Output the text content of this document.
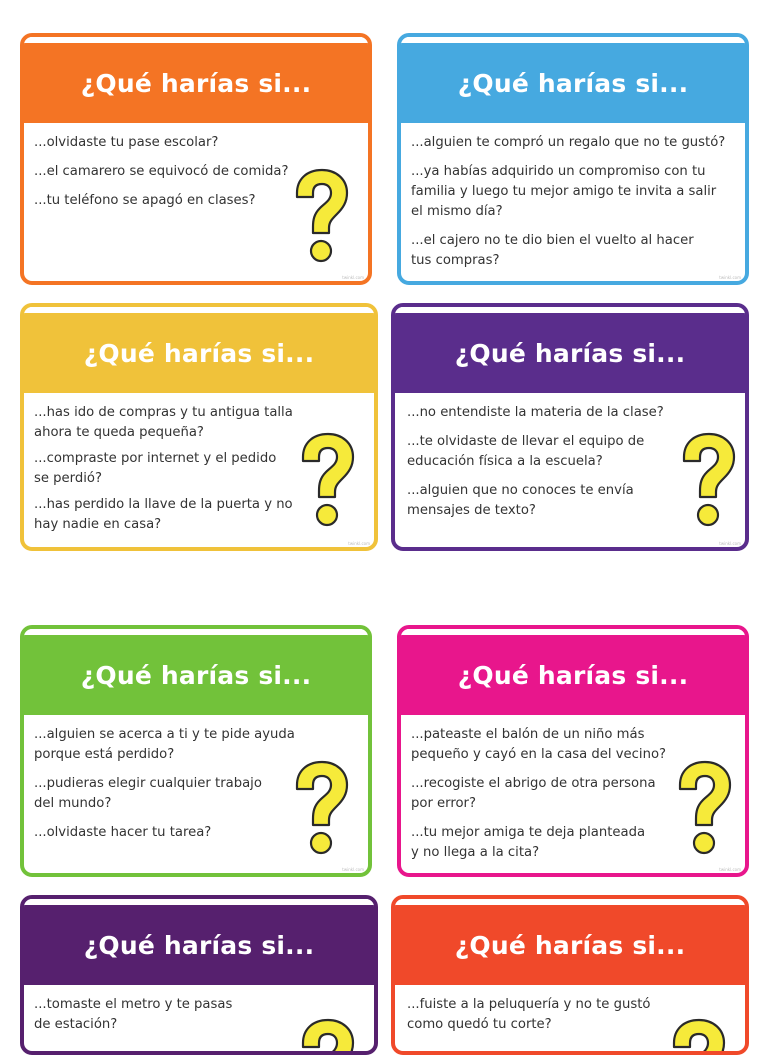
¿Qué harías si...
...olvidaste tu pase escolar?
...el camarero se equivocó de comida?
...tu teléfono se apagó en clases?
twinkl.com
¿Qué harías si...
...alguien te compró un regalo que no te gustó?
...ya habías adquirido un compromiso con tu
familia y luego tu mejor amigo te invita a salir
el mismo día?
...el cajero no te dio bien el vuelto al hacer
tus compras?
twinkl.com
¿Qué harías si...
...has ido de compras y tu antigua talla
ahora te queda pequeña?
...compraste por internet y el pedido
se perdió?
...has perdido la llave de la puerta y no
hay nadie en casa?
twinkl.com
¿Qué harías si...
...no entendiste la materia de la clase?
...te olvidaste de llevar el equipo de
educación física a la escuela?
...alguien que no conoces te envía
mensajes de texto?
twinkl.com
¿Qué harías si...
...alguien se acerca a ti y te pide ayuda
porque está perdido?
...pudieras elegir cualquier trabajo
del mundo?
...olvidaste hacer tu tarea?
twinkl.com
¿Qué harías si...
...pateaste el balón de un niño más
pequeño y cayó en la casa del vecino?
...recogiste el abrigo de otra persona
por error?
...tu mejor amiga te deja planteada
y no llega a la cita?
twinkl.com
¿Qué harías si...
...tomaste el metro y te pasas
de estación?
¿Qué harías si...
...fuiste a la peluquería y no te gustó
como quedó tu corte?
